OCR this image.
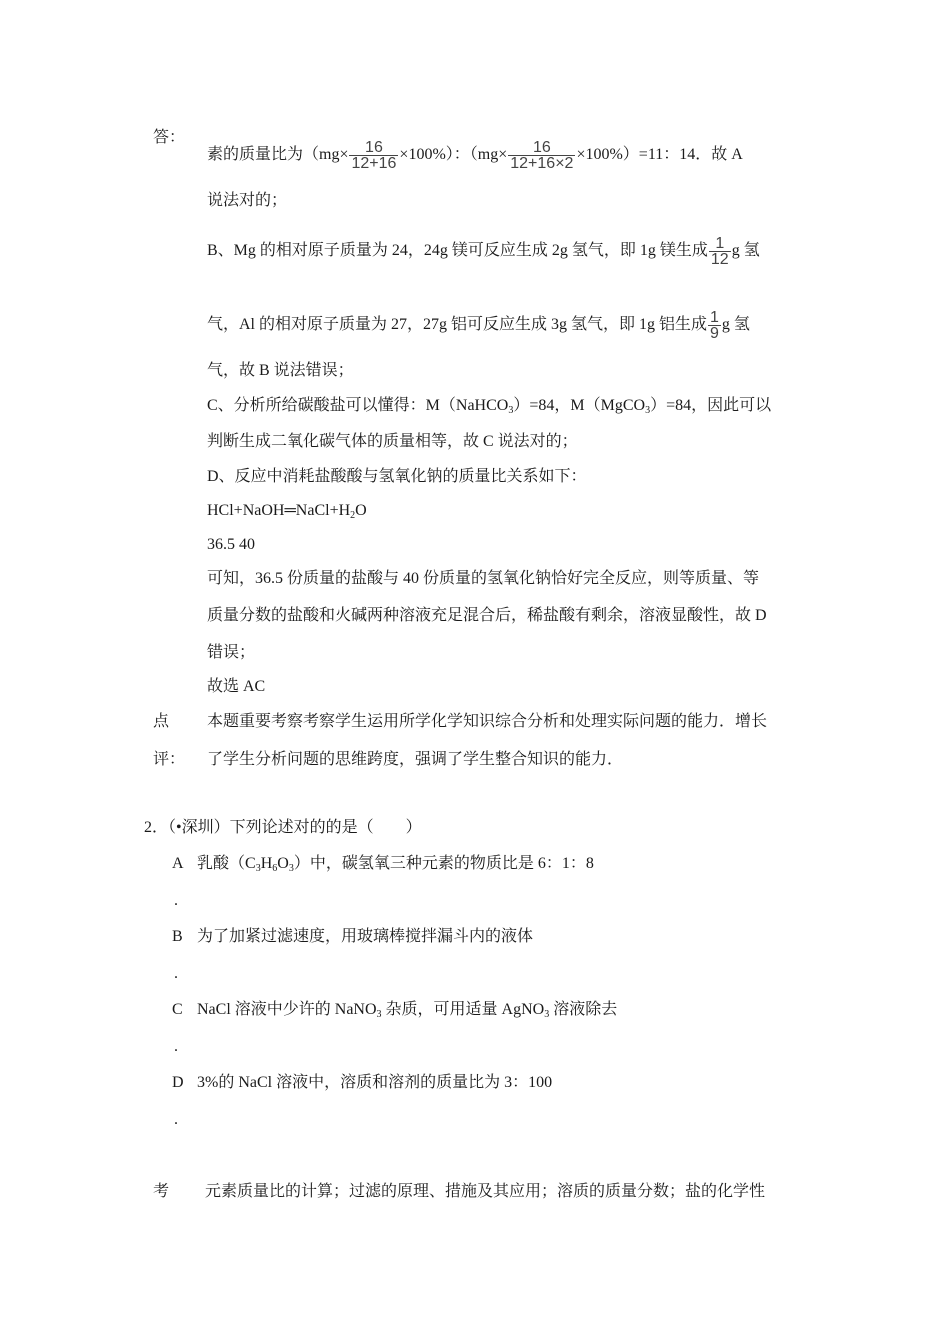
答：
素的质量比为$(mg\times \frac{16}{12+16} \times 100\%)$：$(mg\times \frac{16}{12+16\times 2} \times 100\%)=11$：14．故 A
说法对的；
B、Mg 的相对原子质量为 24，24g 镁可反应生成 2g 氢气，即 1g 镁生成 $\frac{1}{12}$ g 氢
气，Al 的相对原子质量为 27，27g 铝可反应生成 3g 氢气，即 1g 铝生成 $\frac{1}{9}$ g 氢
气，故 B 说法错误；
C、分析所给碳酸盐可以懂得：M（NaHCO$_3$）=84，M（MgCO$_3$）=84，因此可以
判断生成二氧化碳气体的质量相等，故 C 说法对的；
D、反应中消耗盐酸酸与氢氧化钠的质量比关系如下：
$HCl+NaOH═NaCl+H_2O$
36.5 40
可知，36.5 份质量的盐酸与 40 份质量的氢氧化钠恰好完全反应，则等质量、等
质量分数的盐酸和火碱两种溶液充足混合后，稀盐酸有剩余，溶液显酸性，故 D
错误；
故选 AC
点
评：
本题重要考察考察学生运用所学化学知识综合分析和处理实际问题的能力．增长
了学生分析问题的思维跨度，强调了学生整合知识的能力．
2．（•深圳）下列论述对的的是（　　）
A 乳酸$(C_3H_6O_3)$中，碳氢氧三种元素的物质比是 6：1：8
.
B 为了加紧过滤速度，用玻璃棒搅拌漏斗内的液体
.
C NaCl 溶液中少许的 NaNO$_3$ 杂质，可用适量 AgNO$_3$ 溶液除去
.
D 3%的 NaCl 溶液中，溶质和溶剂的质量比为 3：100
.
考 元素质量比的计算；过滤的原理、措施及其应用；溶质的质量分数；盐的化学性
